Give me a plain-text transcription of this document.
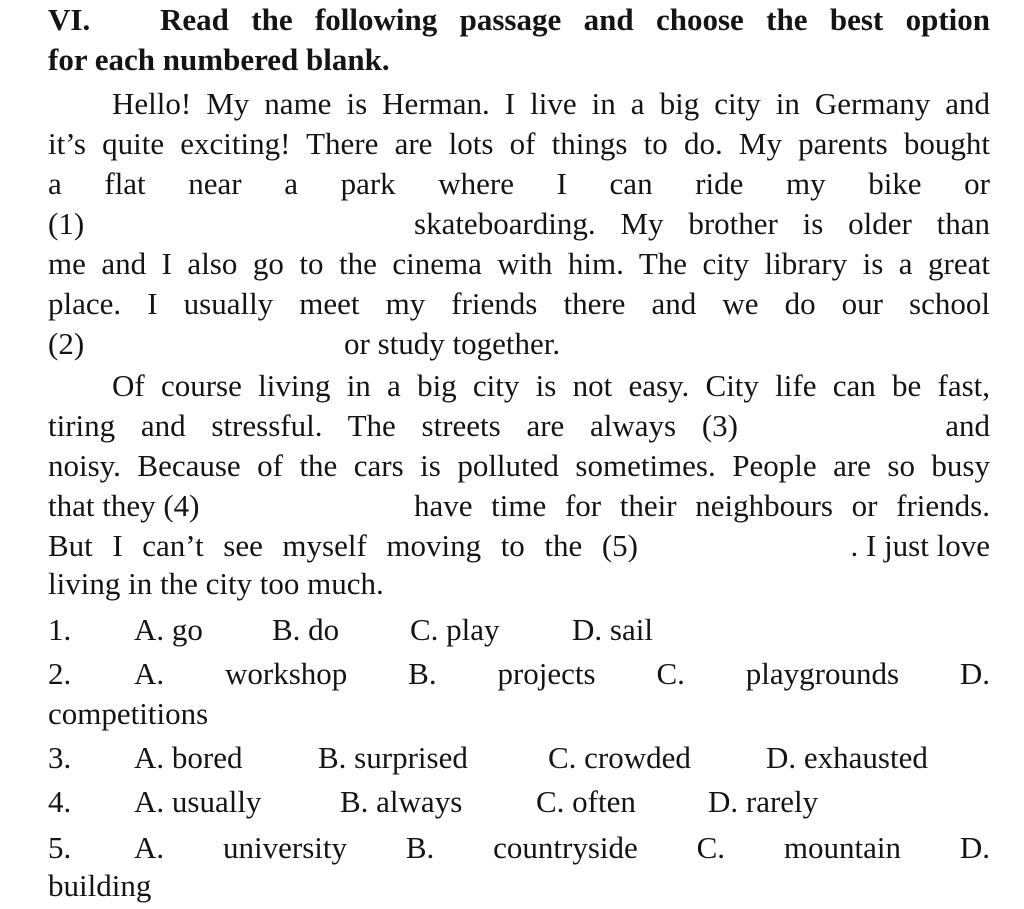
VI. Read the following passage and choose the best option
for each numbered blank.
Hello! My name is Herman. I live in a big city in Germany and
it’s quite exciting! There are lots of things to do. My parents bought
a flat near a park where I can ride my bike or
(1)	skateboarding. My brother is older than
me and I also go to the cinema with him. The city library is a great
place. I usually meet my friends there and we do our school
(2)	or study together.
Of course living in a big city is not easy. City life can be fast,
tiring and stressful. The streets are always (3)	and
noisy. Because of the cars is polluted sometimes. People are so busy
that they (4)	have time for their neighbours or friends.
But I can’t see myself moving to the (5)	. I just love
living in the city too much.
1. A. go B. do C. play D. sail
2. A. workshop B. projects C. playgrounds D.
competitions
3. A. bored B. surprised	C. crowded D. exhausted
4. A. usually	B. always C. often D. rarely
5. A. university B. countryside C. mountain D.
building
